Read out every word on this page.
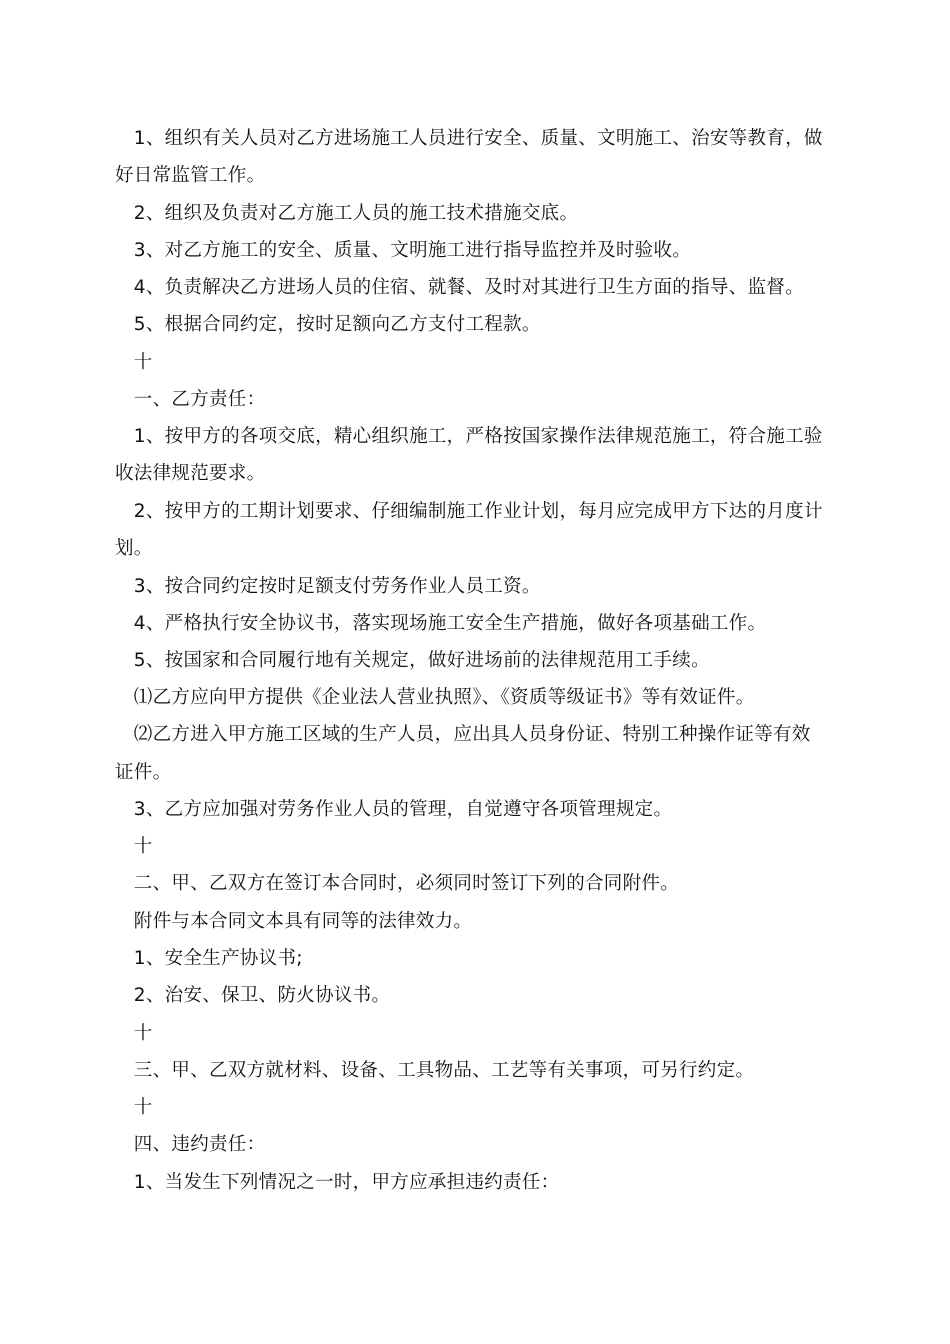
　1、组织有关人员对乙方进场施工人员进行安全、质量、文明施工、治安等教育，做
好日常监管工作。
　2、组织及负责对乙方施工人员的施工技术措施交底。
　3、对乙方施工的安全、质量、文明施工进行指导监控并及时验收。
　4、负责解决乙方进场人员的住宿、就餐、及时对其进行卫生方面的指导、监督。
　5、根据合同约定，按时足额向乙方支付工程款。
　十
　一、乙方责任：
　1、按甲方的各项交底，精心组织施工，严格按国家操作法律规范施工，符合施工验
收法律规范要求。
　2、按甲方的工期计划要求、仔细编制施工作业计划，每月应完成甲方下达的月度计
划。
　3、按合同约定按时足额支付劳务作业人员工资。
　4、严格执行安全协议书，落实现场施工安全生产措施，做好各项基础工作。
　5、按国家和合同履行地有关规定，做好进场前的法律规范用工手续。
　⑴乙方应向甲方提供《企业法人营业执照》、《资质等级证书》等有效证件。
　⑵乙方进入甲方施工区域的生产人员，应出具人员身份证、特别工种操作证等有效
证件。
　3、乙方应加强对劳务作业人员的管理，自觉遵守各项管理规定。
　十
　二、甲、乙双方在签订本合同时，必须同时签订下列的合同附件。
　附件与本合同文本具有同等的法律效力。
　1、安全生产协议书;
　2、治安、保卫、防火协议书。
　十
　三、甲、乙双方就材料、设备、工具物品、工艺等有关事项，可另行约定。
　十
　四、违约责任：
　1、当发生下列情况之一时，甲方应承担违约责任：
